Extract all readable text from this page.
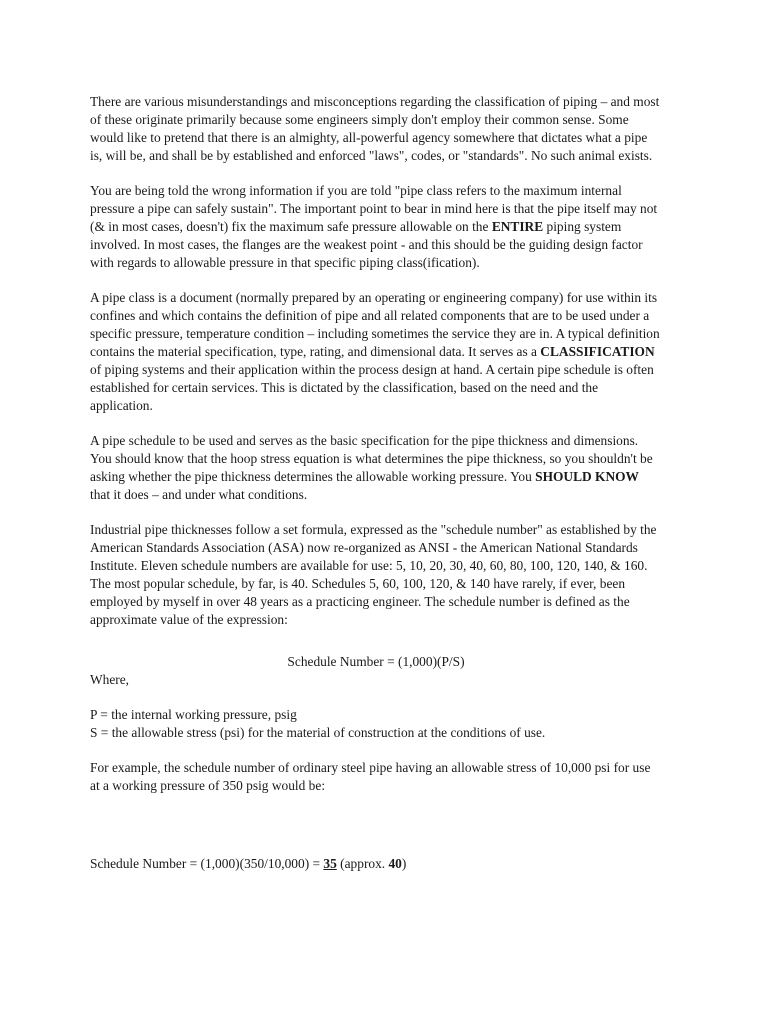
There are various misunderstandings and misconceptions regarding the classification of piping – and most of these originate primarily because some engineers simply don't employ their common sense. Some would like to pretend that there is an almighty, all-powerful agency somewhere that dictates what a pipe is, will be, and shall be by established and enforced "laws", codes, or "standards". No such animal exists.

You are being told the wrong information if you are told "pipe class refers to the maximum internal pressure a pipe can safely sustain". The important point to bear in mind here is that the pipe itself may not (& in most cases, doesn't) fix the maximum safe pressure allowable on the ENTIRE piping system involved. In most cases, the flanges are the weakest point - and this should be the guiding design factor with regards to allowable pressure in that specific piping class(ification).

A pipe class is a document (normally prepared by an operating or engineering company) for use within its confines and which contains the definition of pipe and all related components that are to be used under a specific pressure, temperature condition – including sometimes the service they are in. A typical definition contains the material specification, type, rating, and dimensional data. It serves as a CLASSIFICATION of piping systems and their application within the process design at hand. A certain pipe schedule is often established for certain services. This is dictated by the classification, based on the need and the application.

A pipe schedule to be used and serves as the basic specification for the pipe thickness and dimensions. You should know that the hoop stress equation is what determines the pipe thickness, so you shouldn't be asking whether the pipe thickness determines the allowable working pressure. You SHOULD KNOW that it does – and under what conditions.

Industrial pipe thicknesses follow a set formula, expressed as the "schedule number" as established by the American Standards Association (ASA) now re-organized as ANSI - the American National Standards Institute. Eleven schedule numbers are available for use: 5, 10, 20, 30, 40, 60, 80, 100, 120, 140, & 160. The most popular schedule, by far, is 40. Schedules 5, 60, 100, 120, & 140 have rarely, if ever, been employed by myself in over 48 years as a practicing engineer. The schedule number is defined as the approximate value of the expression:

Schedule Number = (1,000)(P/S)
Where,
P = the internal working pressure, psig
S = the allowable stress (psi) for the material of construction at the conditions of use.

For example, the schedule number of ordinary steel pipe having an allowable stress of 10,000 psi for use at a working pressure of 350 psig would be:

Schedule Number = (1,000)(350/10,000) = 35 (approx. 40)
